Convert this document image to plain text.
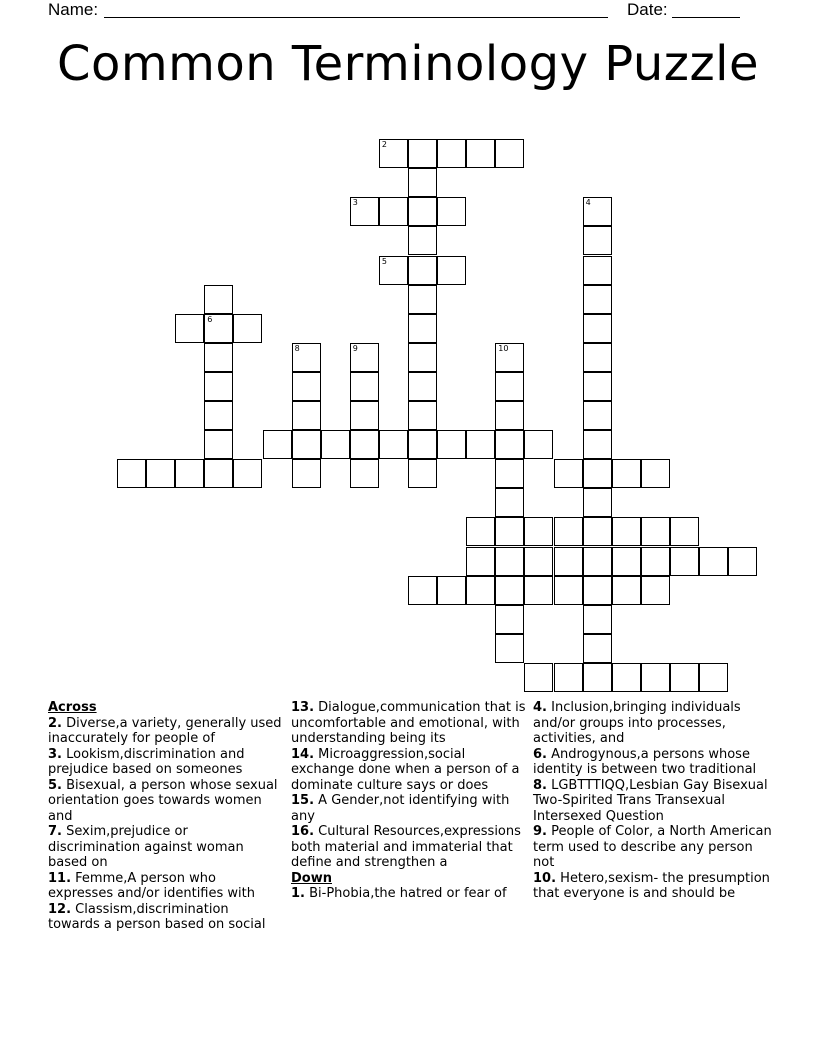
Name:	Date:
Common Terminology Puzzle
2
3
5
6
8	9	10
4

Across

2. Diverse,a variety, generally used inaccurately for people of

3. Lookism,discrimination and prejudice based on someones

5. Bisexual, a person whose sexual orientation goes towards women and

7. Sexim,prejudice or discrimination against woman based on

11. Femme,A person who expresses and/or identifies with

12. Classism,discrimination towards a person based on social

13. Dialogue,communication that is uncomfortable and emotional, with understanding being its

14. Microaggression,social exchange done when a person of a dominate culture says or does

15. A Gender,not identifying with any

16. Cultural Resources,expressions both material and immaterial that define and strengthen a

Down

1. Bi-Phobia,the hatred or fear of

4. Inclusion,bringing individuals and/or groups into processes, activities, and

6. Androgynous,a persons whose identity is between two traditional

8. LGBTTTIQQ,Lesbian Gay Bisexual Two-Spirited Trans Transexual Intersexed Question

9. People of Color, a North American term used to describe any person not

10. Hetero,sexism- the presumption that everyone is and should be
